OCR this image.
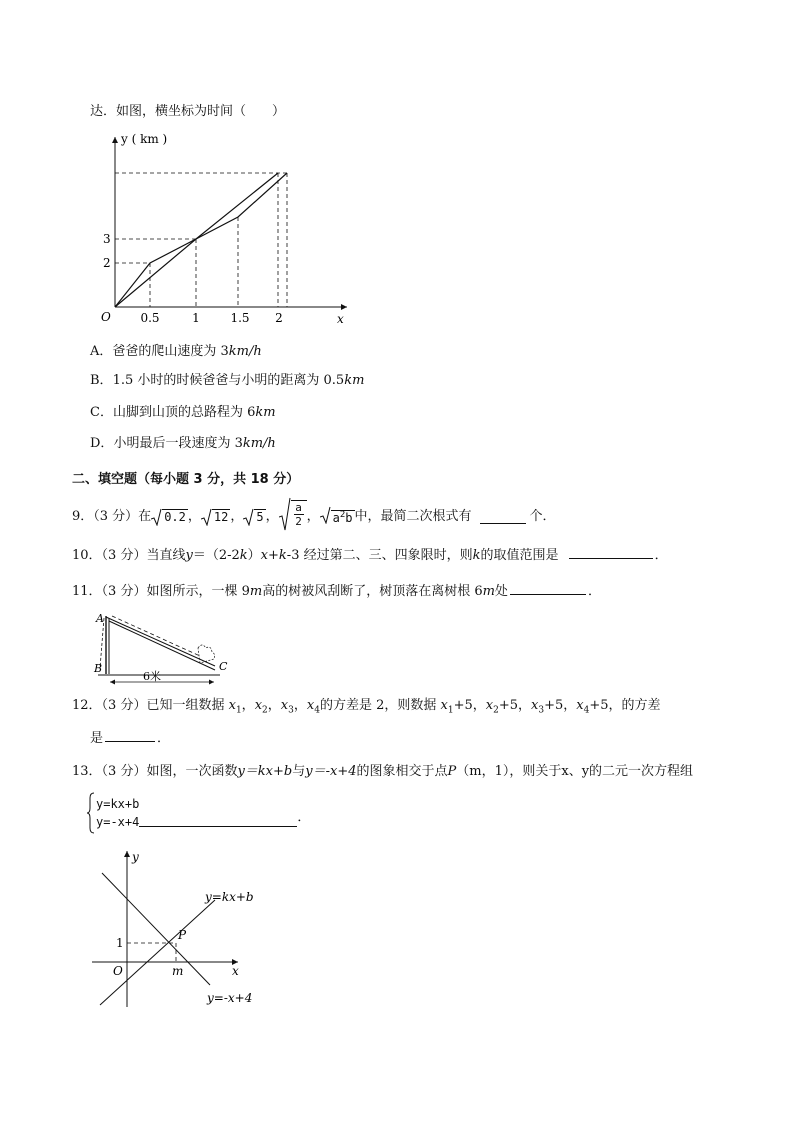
达．如图，横坐标为时间（　　）
y ( km )
x
O
2
3
0.5	1	1.5 2
A．爸爸的爬山速度为 3km/h
B．1.5 小时的时候爸爸与小明的距离为 0.5km
C．山脚到山顶的总路程为 6km
D．小明最后一段速度为 3km/h
二、填空题（每小题 3 分，共 18 分）
9．（3 分）在	0.2 ，	12 ，	5 ，
a
2 ，	$a^2b$ 中，最简二次根式有	个．
10．（3 分）当直线y＝（2-2k）x+k-3 经过第二、三、四象限时，则k的取值范围是	．
11．（3 分）如图所示，一棵 9m高的树被风刮断了，树顶落在离树根 6m处	．
A
B	C
6米
12．（3 分）已知一组数据 $x_1$，$x_2$，$x_3$，$x_4$的方差是 2，则数据 $x_1+5$，$x_2+5$，$x_3+5$，$x_4+5$，的方差
是	．
13．（3 分）如图，一次函数y＝kx+b与y＝-x+4的图象相交于点P（m，1），则关于x、y的二元一次方程组
y=kx+b
y=-x+4	．
y
x
O
P
1
m
y=kx+b
y=-x+4
